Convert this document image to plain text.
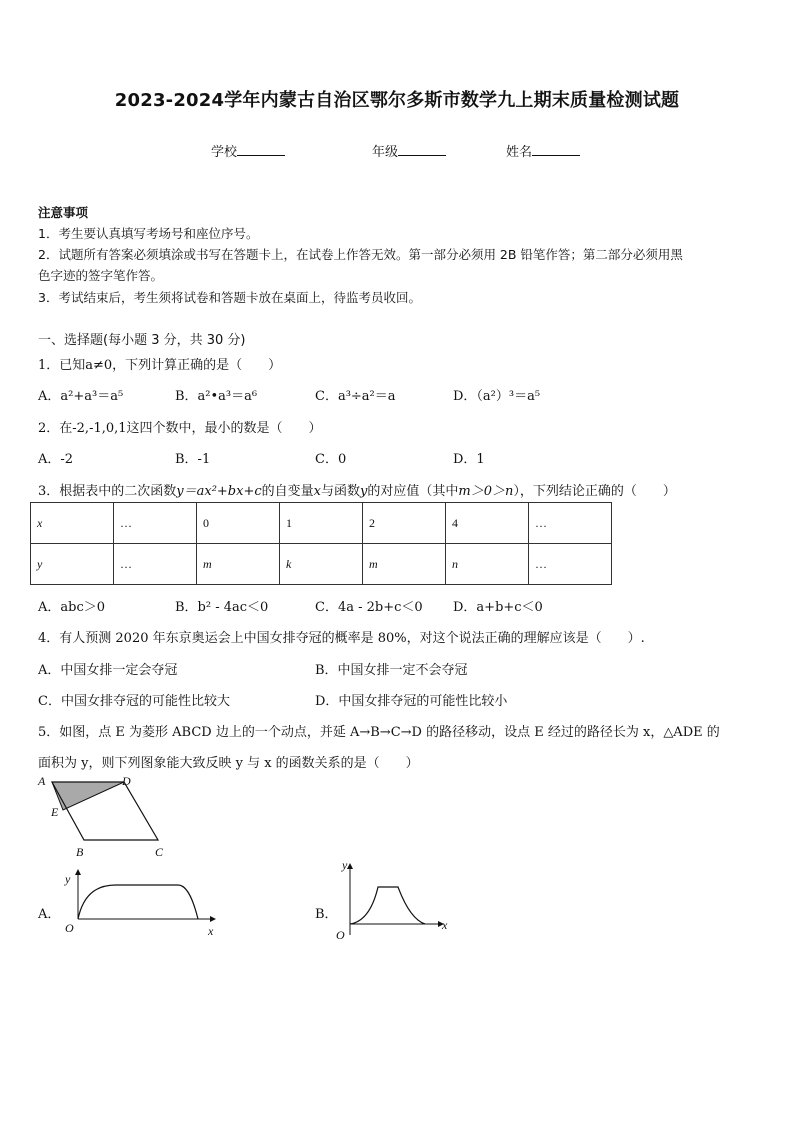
2023-2024学年内蒙古自治区鄂尔多斯市数学九上期末质量检测试题
学校	年级	姓名
注意事项
1．考生要认真填写考场号和座位序号。
2．试题所有答案必须填涂或书写在答题卡上，在试卷上作答无效。第一部分必须用 2B 铅笔作答；第二部分必须用黑
色字迹的签字笔作答。
3．考试结束后，考生须将试卷和答题卡放在桌面上，待监考员收回。
一、选择题(每小题 3 分，共 30 分)
1．已知a≠0，下列计算正确的是（　　）
A．a²+a³＝a⁵	B．a²•a³＝a⁶	C．a³÷a²＝a	D．（a²）³＝a⁵
2．在-2,-1,0,1这四个数中，最小的数是（　　）
A．-2	B．-1	C．0	D．1
3．根据表中的二次函数y＝ax²+bx+c的自变量x与函数y的对应值（其中m＞0＞n），下列结论正确的（　　）
x	…	0	1	2	4	…
y	…	m	k	m	n	…
A．abc＞0	B．b² - 4ac＜0	C．4a - 2b+c＜0 D．a+b+c＜0
4．有人预测 2020 年东京奥运会上中国女排夺冠的概率是 80%，对这个说法正确的理解应该是（　　）.
A．中国女排一定会夺冠	B．中国女排一定不会夺冠
C．中国女排夺冠的可能性比较大	D．中国女排夺冠的可能性比较小
5．如图，点 E 为菱形 ABCD 边上的一个动点，并延 A→B→C→D 的路径移动，设点 E 经过的路径长为 x，△ADE 的
面积为 y，则下列图象能大致反映 y 与 x 的函数关系的是（　　）
A	D
E
B	C
A．
O	x
y
B．
O
x
y
